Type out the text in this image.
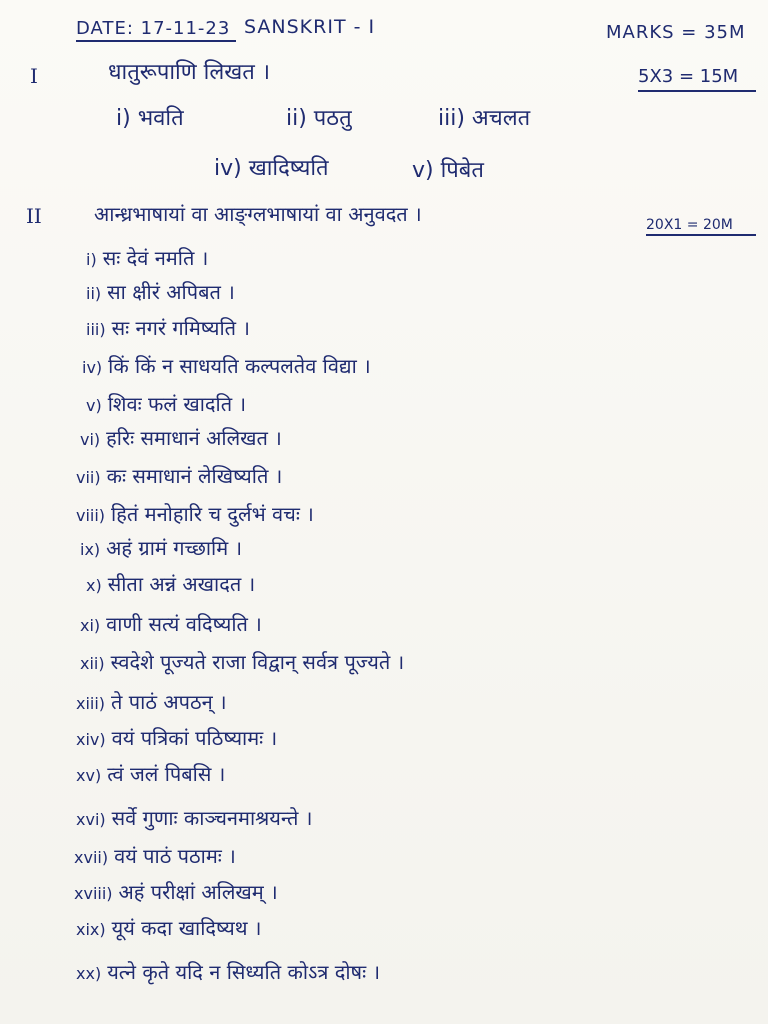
DATE: 17-11-23 SANSKRIT - I	MARKS = 35M
I	धातुरूपाणि लिखत ।	5X3 = 15M
i) भवति	ii) पठतु	iii) अचलत
iv) खादिष्यति	v) पिबेत
II	आन्ध्रभाषायां वा आङ्ग्लभाषायां वा अनुवदत ।	20X1 = 20M
i) सः देवं नमति ।
ii) सा क्षीरं अपिबत ।
iii) सः नगरं गमिष्यति ।
iv) किं किं न साधयति कल्पलतेव विद्या ।
v) शिवः फलं खादति ।
vi) हरिः समाधानं अलिखत ।
vii) कः समाधानं लेखिष्यति ।
viii) हितं मनोहारि च दुर्लभं वचः ।
ix) अहं ग्रामं गच्छामि ।
x) सीता अन्नं अखादत ।
xi) वाणी सत्यं वदिष्यति ।
xii) स्वदेशे पूज्यते राजा विद्वान् सर्वत्र पूज्यते ।
xiii) ते पाठं अपठन् ।
xiv) वयं पत्रिकां पठिष्यामः ।
xv) त्वं जलं पिबसि ।
xvi) सर्वे गुणाः काञ्चनमाश्रयन्ते ।
xvii) वयं पाठं पठामः ।
xviii) अहं परीक्षां अलिखम् ।
xix) यूयं कदा खादिष्यथ ।
xx) यत्ने कृते यदि न सिध्यति कोऽत्र दोषः ।
